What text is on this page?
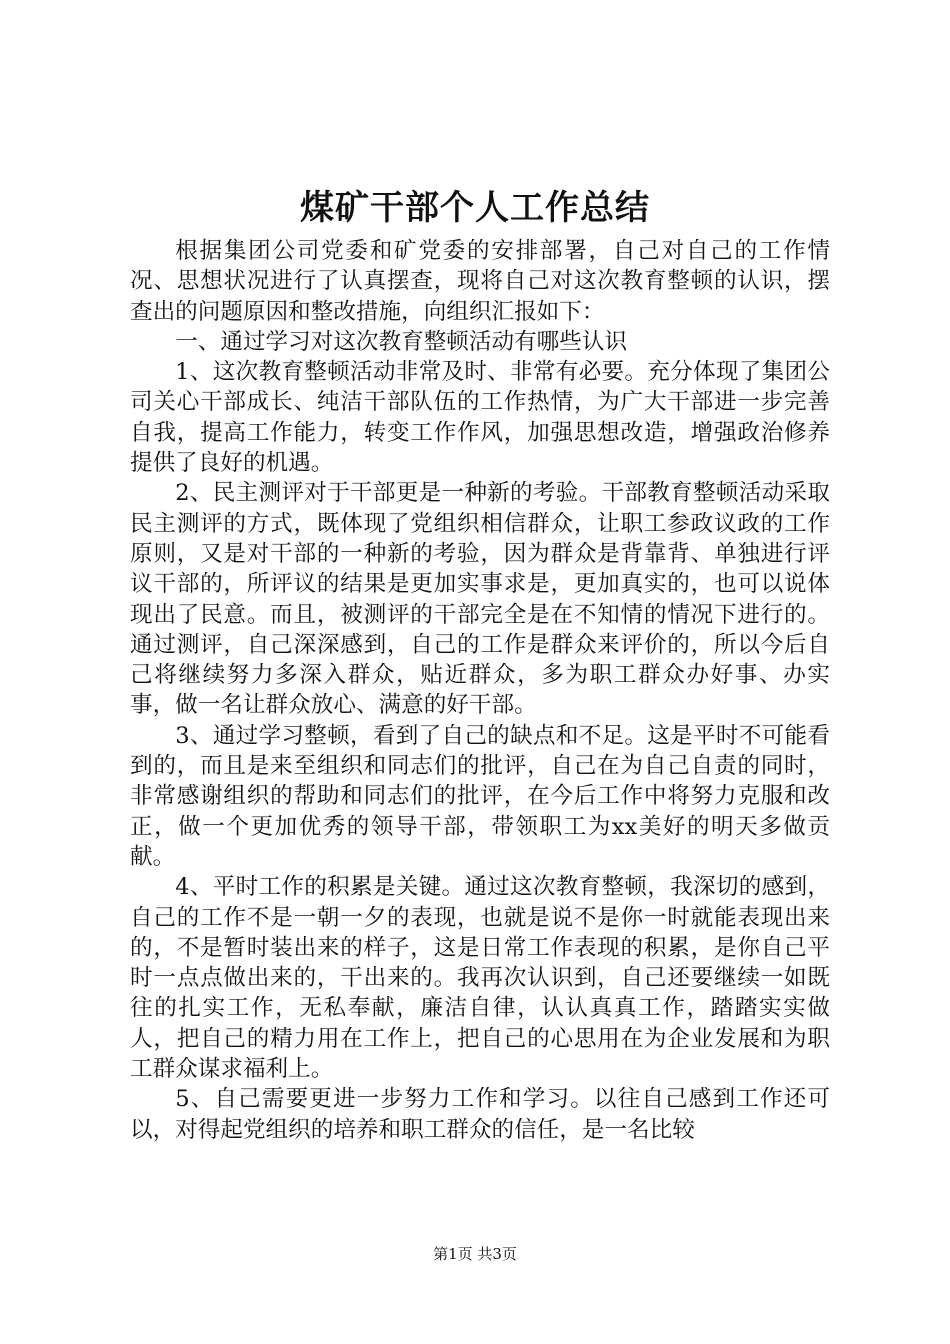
煤矿干部个人工作总结

根据集团公司党委和矿党委的安排部署，自己对自己的工作情况、思想状况进行了认真摆查，现将自己对这次教育整顿的认识，摆查出的问题原因和整改措施，向组织汇报如下：

一、通过学习对这次教育整顿活动有哪些认识

1、这次教育整顿活动非常及时、非常有必要。充分体现了集团公司关心干部成长、纯洁干部队伍的工作热情，为广大干部进一步完善自我，提高工作能力，转变工作作风，加强思想改造，增强政治修养提供了良好的机遇。

2、民主测评对于干部更是一种新的考验。干部教育整顿活动采取民主测评的方式，既体现了党组织相信群众，让职工参政议政的工作原则，又是对干部的一种新的考验，因为群众是背靠背、单独进行评议干部的，所评议的结果是更加实事求是，更加真实的，也可以说体现出了民意。而且，被测评的干部完全是在不知情的情况下进行的。通过测评，自己深深感到，自己的工作是群众来评价的，所以今后自己将继续努力多深入群众，贴近群众，多为职工群众办好事、办实事，做一名让群众放心、满意的好干部。

3、通过学习整顿，看到了自己的缺点和不足。这是平时不可能看到的，而且是来至组织和同志们的批评，自己在为自己自责的同时，非常感谢组织的帮助和同志们的批评，在今后工作中将努力克服和改正，做一个更加优秀的领导干部，带领职工为xx美好的明天多做贡献。

4、平时工作的积累是关键。通过这次教育整顿，我深切的感到，自己的工作不是一朝一夕的表现，也就是说不是你一时就能表现出来的，不是暂时装出来的样子，这是日常工作表现的积累，是你自己平时一点点做出来的，干出来的。我再次认识到，自己还要继续一如既往的扎实工作，无私奉献，廉洁自律，认认真真工作，踏踏实实做人，把自己的精力用在工作上，把自己的心思用在为企业发展和为职工群众谋求福利上。

5、自己需要更进一步努力工作和学习。以往自己感到工作还可以，对得起党组织的培养和职工群众的信任，是一名比较

第1页 共3页
